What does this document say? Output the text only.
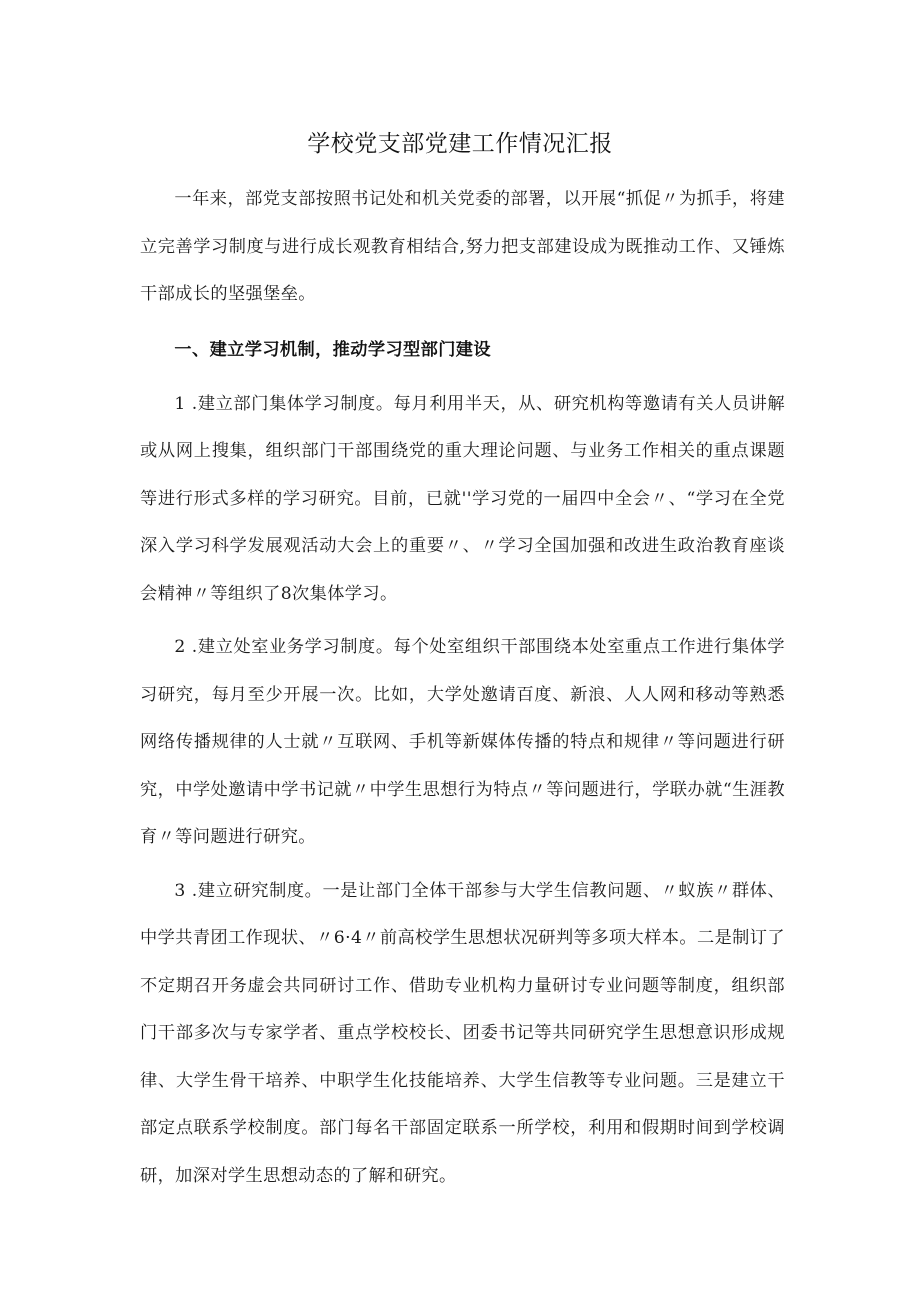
学校党支部党建工作情况汇报

一年来，部党支部按照书记处和机关党委的部署，以开展“抓促〃为抓手，将建立完善学习制度与进行成长观教育相结合,努力把支部建设成为既推动工作、又锤炼干部成长的坚强堡垒。

一、建立学习机制，推动学习型部门建设

1 .建立部门集体学习制度。每月利用半天，从、研究机构等邀请有关人员讲解或从网上搜集，组织部门干部围绕党的重大理论问题、与业务工作相关的重点课题等进行形式多样的学习研究。目前，已就''学习党的一届四中全会〃、“学习在全党深入学习科学发展观活动大会上的重要〃、〃学习全国加强和改进生政治教育座谈会精神〃等组织了8次集体学习。

2 .建立处室业务学习制度。每个处室组织干部围绕本处室重点工作进行集体学习研究，每月至少开展一次。比如，大学处邀请百度、新浪、人人网和移动等熟悉网络传播规律的人士就〃互联网、手机等新媒体传播的特点和规律〃等问题进行研究，中学处邀请中学书记就〃中学生思想行为特点〃等问题进行，学联办就“生涯教育〃等问题进行研究。

3 .建立研究制度。一是让部门全体干部参与大学生信教问题、〃蚁族〃群体、中学共青团工作现状、〃6·4〃前高校学生思想状况研判等多项大样本。二是制订了不定期召开务虚会共同研讨工作、借助专业机构力量研讨专业问题等制度，组织部门干部多次与专家学者、重点学校校长、团委书记等共同研究学生思想意识形成规律、大学生骨干培养、中职学生化技能培养、大学生信教等专业问题。三是建立干部定点联系学校制度。部门每名干部固定联系一所学校，利用和假期时间到学校调研，加深对学生思想动态的了解和研究。
